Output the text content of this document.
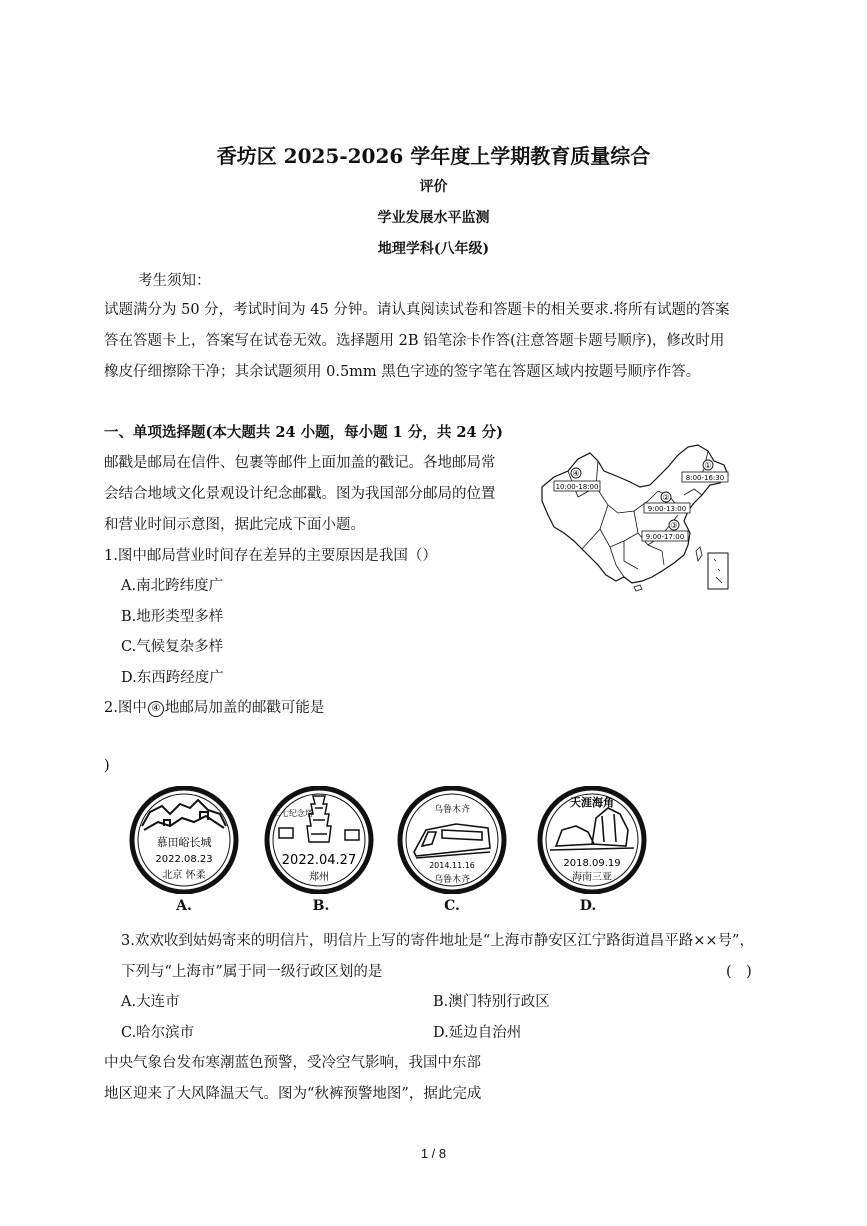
香坊区 2025-2026 学年度上学期教育质量综合
评价
学业发展水平监测
地理学科(八年级)
考生须知：
试题满分为 50 分，考试时间为 45 分钟。请认真阅读试卷和答题卡的相关要求.将所有试题的答案
答在答题卡上，答案写在试卷无效。选择题用 2B 铅笔涂卡作答(注意答题卡题号顺序)，修改时用
橡皮仔细擦除干净；其余试题须用 0.5mm 黑色字迹的签字笔在答题区域内按题号顺序作答。
一、单项选择题(本大题共 24 小题，每小题 1 分，共 24 分)
邮戳是邮局在信件、包裹等邮件上面加盖的戳记。各地邮局常
会结合地域文化景观设计纪念邮戳。图为我国部分邮局的位置
和营业时间示意图，据此完成下面小题。
④
10:00-18:00
①
8:00-16:30
②
9:00-13:00
③
9:00-17:00
1.图中邮局营业时间存在差异的主要原因是我国（）
A.南北跨纬度广
B.地形类型多样
C.气候复杂多样
D.东西跨经度广
2.图中 ④ 地邮局加盖的邮戳可能是
)
慕田峪长城
2022.08.23
北京 怀柔
A.
二七纪念塔
2022.04.27
郑州
B.
乌鲁木齐
2014.11.16
乌鲁木齐
C.
天涯海角
2018.09.19
海南三亚
D.
3.欢欢收到姑妈寄来的明信片，明信片上写的寄件地址是“上海市静安区江宁路街道昌平路××号”，
下列与“上海市”属于同一级行政区划的是	(　)
A.大连市	B.澳门特别行政区
C.哈尔滨市	D.延边自治州
中央气象台发布寒潮蓝色预警，受冷空气影响，我国中东部
地区迎来了大风降温天气。图为“秋裤预警地图”，据此完成
1 / 8
